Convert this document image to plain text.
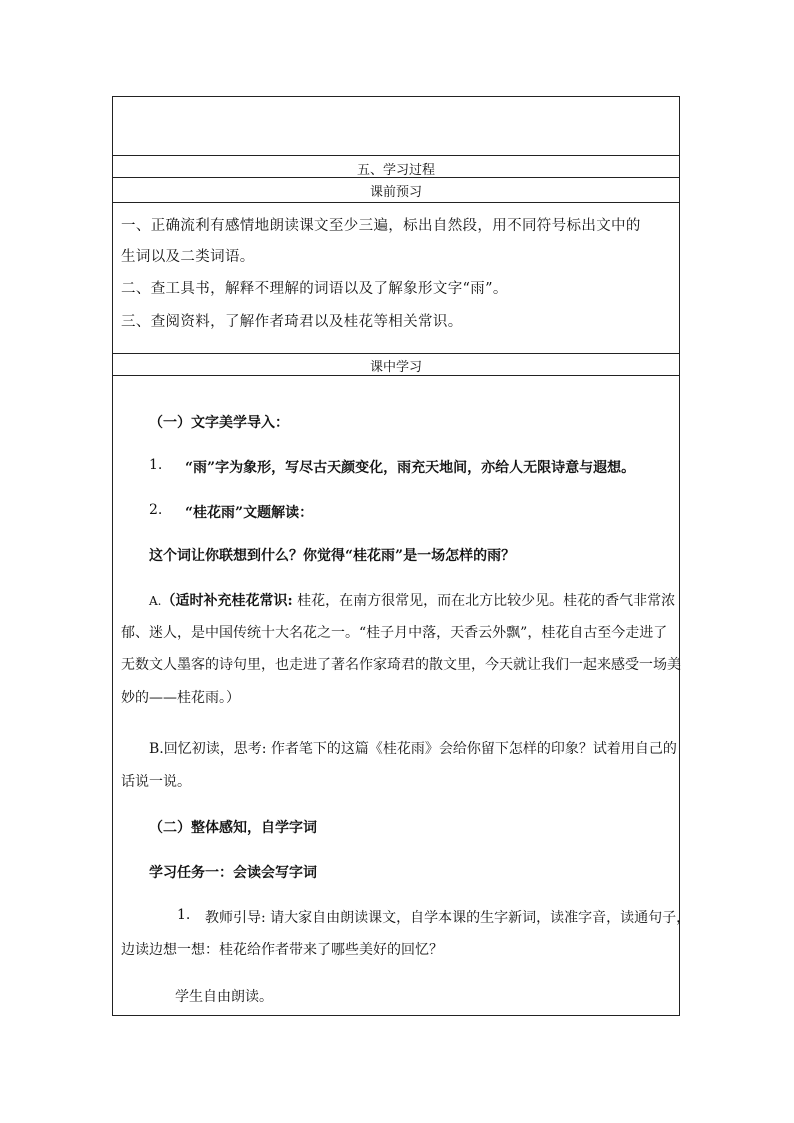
五、学习过程
课前预习
一、正确流利有感情地朗读课文至少三遍，标出自然段，用不同符号标出文中的
生词以及二类词语。
二、查工具书，解释不理解的词语以及了解象形文字“雨”。
三、查阅资料，了解作者琦君以及桂花等相关常识。
课中学习
（一）文字美学导入：
1. “雨”字为象形，写尽古天颜变化，雨充天地间，亦给人无限诗意与遐想。
2. “桂花雨”文题解读：
这个词让你联想到什么？你觉得“桂花雨”是一场怎样的雨？
A.（适时补充桂花常识: 桂花，在南方很常见，而在北方比较少见。桂花的香气非常浓
郁、迷人，是中国传统十大名花之一。“桂子月中落，天香云外飘”，桂花自古至今走进了
无数文人墨客的诗句里，也走进了著名作家琦君的散文里，今天就让我们一起来感受一场美
妙的——桂花雨。）
B.回忆初读，思考: 作者笔下的这篇《桂花雨》会给你留下怎样的印象？试着用自己的
话说一说。
（二）整体感知，自学字词
学习任务一：会读会写字词
1. 教师引导: 请大家自由朗读课文，自学本课的生字新词，读准字音，读通句子，
边读边想一想：桂花给作者带来了哪些美好的回忆？
学生自由朗读。
